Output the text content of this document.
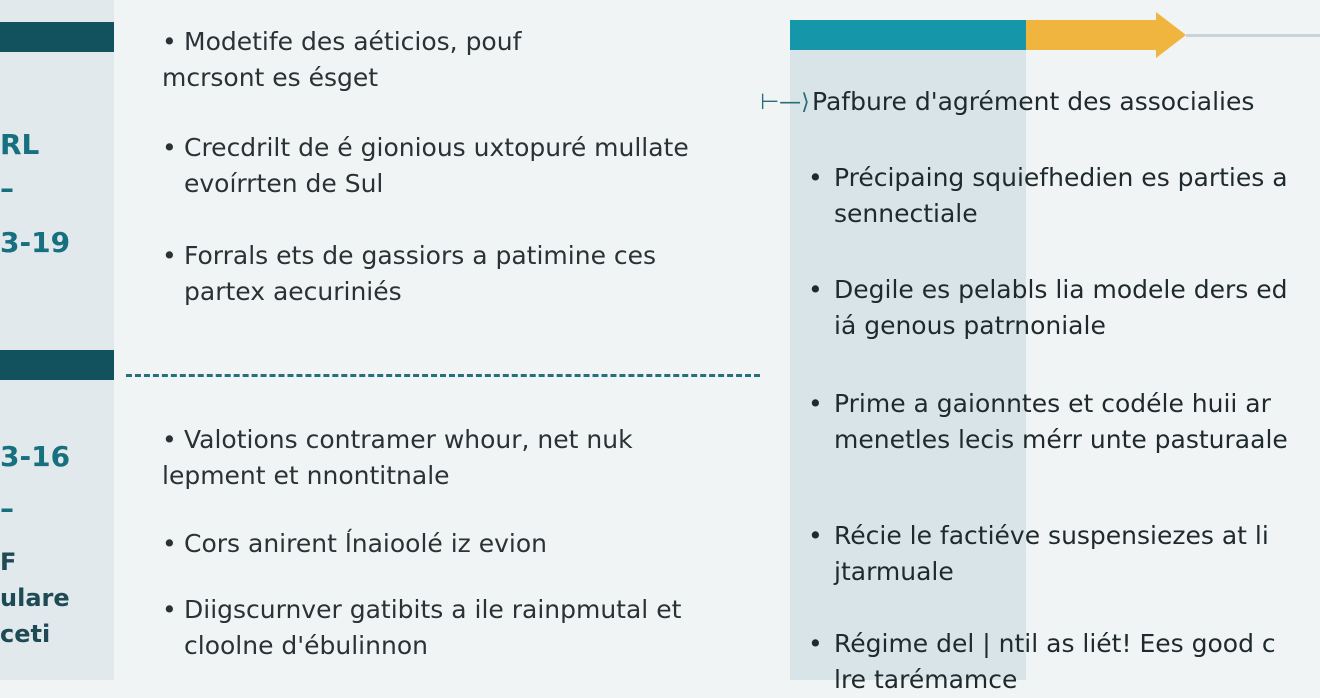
RL
–
3-19
3-16
–
F
ulare
ceti
• Modetife des aéticios, pouf
mcrsont es ésget
• Crecdrilt de é gionious uxtopuré mullate
evoírrten de Sul
• Forrals ets de gassiors a patimine ces
partex aecuriniés
• Valotions contramer whour, net nuk
lepment et nnontitnale
• Cors anirent ĺnaioolé iz evion
• Diigscurnver gatibits a ile rainpmutal et
cloolne d'ébulinnon
⊢—⟩ Pafbure d'agrément des associalies
• Précipaing squiefhedien es parties a
sennectiale
• Degile es pelabls lia modele ders ed
iá genous patrnoniale
• Prime a gaionntes et codéle huii ar
menetles lecis mérr unte pasturaale
• Récie le factiéve suspensiezes at li
jtarmuale
• Régime del | ntil as liét! Ees good c
lre tarémamce
